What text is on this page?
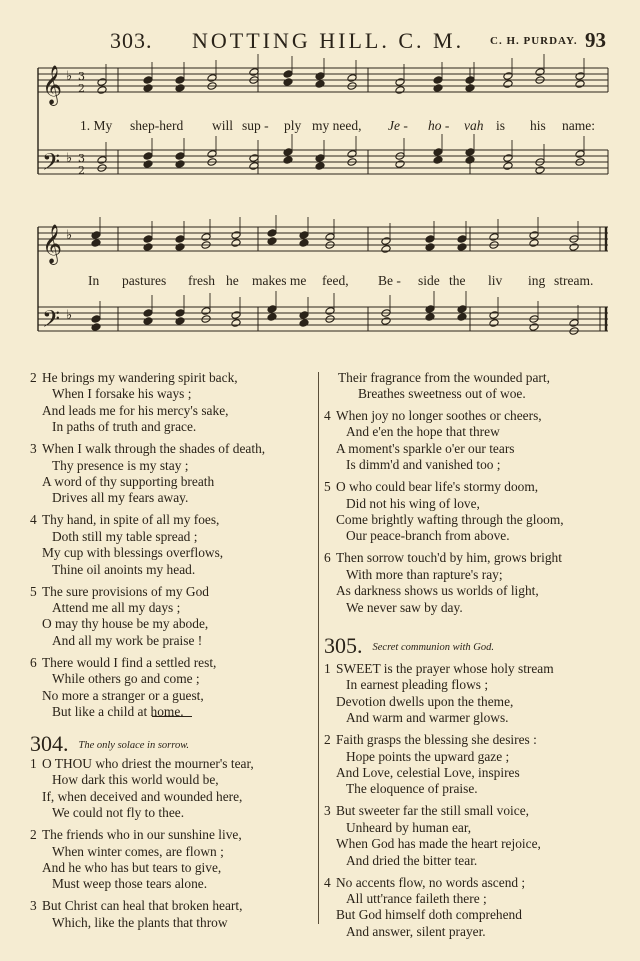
303. NOTTING HILL. C. M. C. H. PURDAY. 93
𝄞
𝄢
𝄞
𝄢
♭
♭
♭
♭
3
2
3
2
1. My shep-herd will sup - ply my need, Je - ho - vah is his name:
In pastures fresh he makes me feed, Be - side the liv ing stream.
2 He brings my wandering spirit back,
When I forsake his ways ;
And leads me for his mercy's sake,
In paths of truth and grace.
3 When I walk through the shades of death,
Thy presence is my stay ;
A word of thy supporting breath
Drives all my fears away.
4 Thy hand, in spite of all my foes,
Doth still my table spread ;
My cup with blessings overflows,
Thine oil anoints my head.
5 The sure provisions of my God
Attend me all my days ;
O may thy house be my abode,
And all my work be praise !
6 There would I find a settled rest,
While others go and come ;
No more a stranger or a guest,
But like a child at home.
304. The only solace in sorrow.
1 O THOU who driest the mourner's tear,
How dark this world would be,
If, when deceived and wounded here,
We could not fly to thee.
2 The friends who in our sunshine live,
When winter comes, are flown ;
And he who has but tears to give,
Must weep those tears alone.
3 But Christ can heal that broken heart,
Which, like the plants that throw
Their fragrance from the wounded part,
Breathes sweetness out of woe.
4 When joy no longer soothes or cheers,
And e'en the hope that threw
A moment's sparkle o'er our tears
Is dimm'd and vanished too ;
5 O who could bear life's stormy doom,
Did not his wing of love,
Come brightly wafting through the gloom,
Our peace-branch from above.
6 Then sorrow touch'd by him, grows bright
With more than rapture's ray;
As darkness shows us worlds of light,
We never saw by day.
305. Secret communion with God.
1 SWEET is the prayer whose holy stream
In earnest pleading flows ;
Devotion dwells upon the theme,
And warm and warmer glows.
2 Faith grasps the blessing she desires :
Hope points the upward gaze ;
And Love, celestial Love, inspires
The eloquence of praise.
3 But sweeter far the still small voice,
Unheard by human ear,
When God has made the heart rejoice,
And dried the bitter tear.
4 No accents flow, no words ascend ;
All utt'rance faileth there ;
But God himself doth comprehend
And answer, silent prayer.
